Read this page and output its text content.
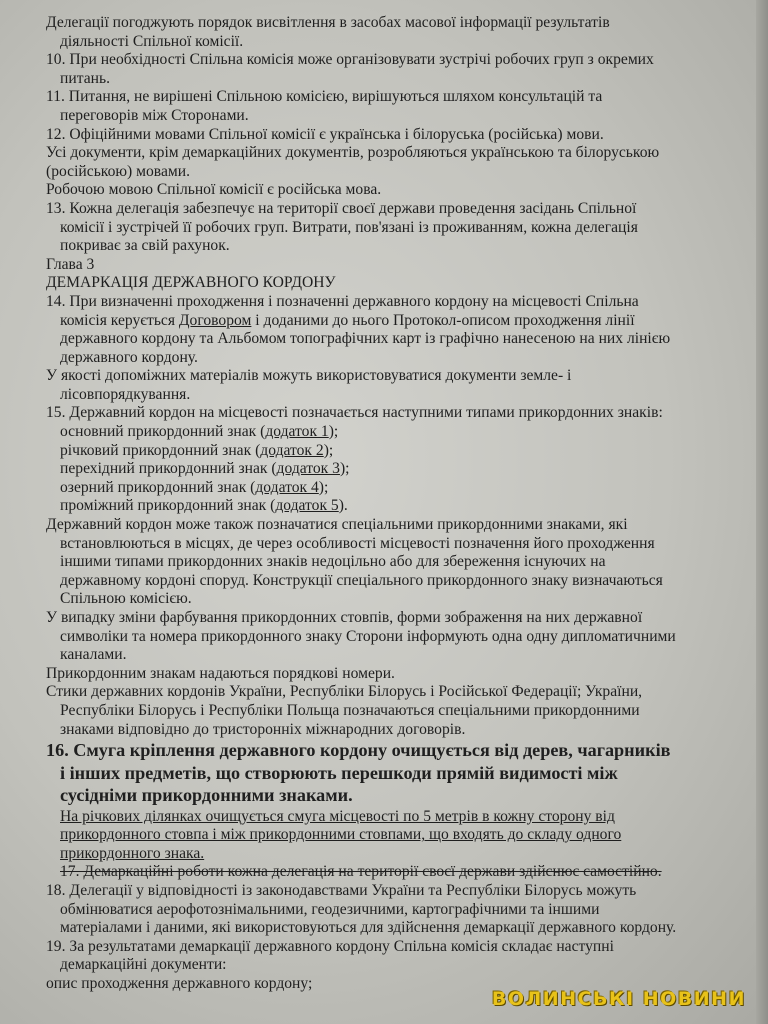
Делегації погоджують порядок висвітлення в засобах масової інформації результатів

діяльності Спільної комісії.

10. При необхідності Спільна комісія може організовувати зустрічі робочих груп з окремих

питань.

11. Питання, не вирішені Спільною комісією, вирішуються шляхом консультацій та

переговорів між Сторонами.

12. Офіційними мовами Спільної комісії є українська і білоруська (російська) мови.

Усі документи, крім демаркаційних документів, розробляються українською та білоруською

(російською) мовами.

Робочою мовою Спільної комісії є російська мова.

13. Кожна делегація забезпечує на території своєї держави проведення засідань Спільної

комісії і зустрічей її робочих груп. Витрати, пов'язані із проживанням, кожна делегація

покриває за свій рахунок.

Глава 3

ДЕМАРКАЦІЯ ДЕРЖАВНОГО КОРДОНУ

14. При визначенні проходження і позначенні державного кордону на місцевості Спільна

комісія керується Договором і доданими до нього Протокол-описом проходження лінії

державного кордону та Альбомом топографічних карт із графічно нанесеною на них лінією

державного кордону.

У якості допоміжних матеріалів можуть використовуватися документи земле- і

лісовпорядкування.

15. Державний кордон на місцевості позначається наступними типами прикордонних знаків:

основний прикордонний знак (додаток 1);

річковий прикордонний знак (додаток 2);

перехідний прикордонний знак (додаток 3);

озерний прикордонний знак (додаток 4);

проміжний прикордонний знак (додаток 5).

Державний кордон може також позначатися спеціальними прикордонними знаками, які

встановлюються в місцях, де через особливості місцевості позначення його проходження

іншими типами прикордонних знаків недоцільно або для збереження існуючих на

державному кордоні споруд. Конструкції спеціального прикордонного знаку визначаються

Спільною комісією.

У випадку зміни фарбування прикордонних стовпів, форми зображення на них державної

символіки та номера прикордонного знаку Сторони інформують одна одну дипломатичними

каналами.

Прикордонним знакам надаються порядкові номери.

Стики державних кордонів України, Республіки Білорусь і Російської Федерації; України,

Республіки Білорусь і Республіки Польща позначаються спеціальними прикордонними

знаками відповідно до тристоронніх міжнародних договорів.

16. Смуга кріплення державного кордону очищується від дерев, чагарників

і інших предметів, що створюють перешкоди прямій видимості між

сусідніми прикордонними знаками.

На річкових ділянках очищується смуга місцевості по 5 метрів в кожну сторону від

прикордонного стовпа і між прикордонними стовпами, що входять до складу одного

прикордонного знака.

17. Демаркаційні роботи кожна делегація на території своєї держави здійснює самостійно.

18. Делегації у відповідності із законодавствами України та Республіки Білорусь можуть

обмінюватися аерофотознімальними, геодезичними, картографічними та іншими

матеріалами і даними, які використовуються для здійснення демаркації державного кордону.

19. За результатами демаркації державного кордону Спільна комісія складає наступні

демаркаційні документи:

опис проходження державного кордону;

ВОЛИНСЬКІ НОВИНИ
